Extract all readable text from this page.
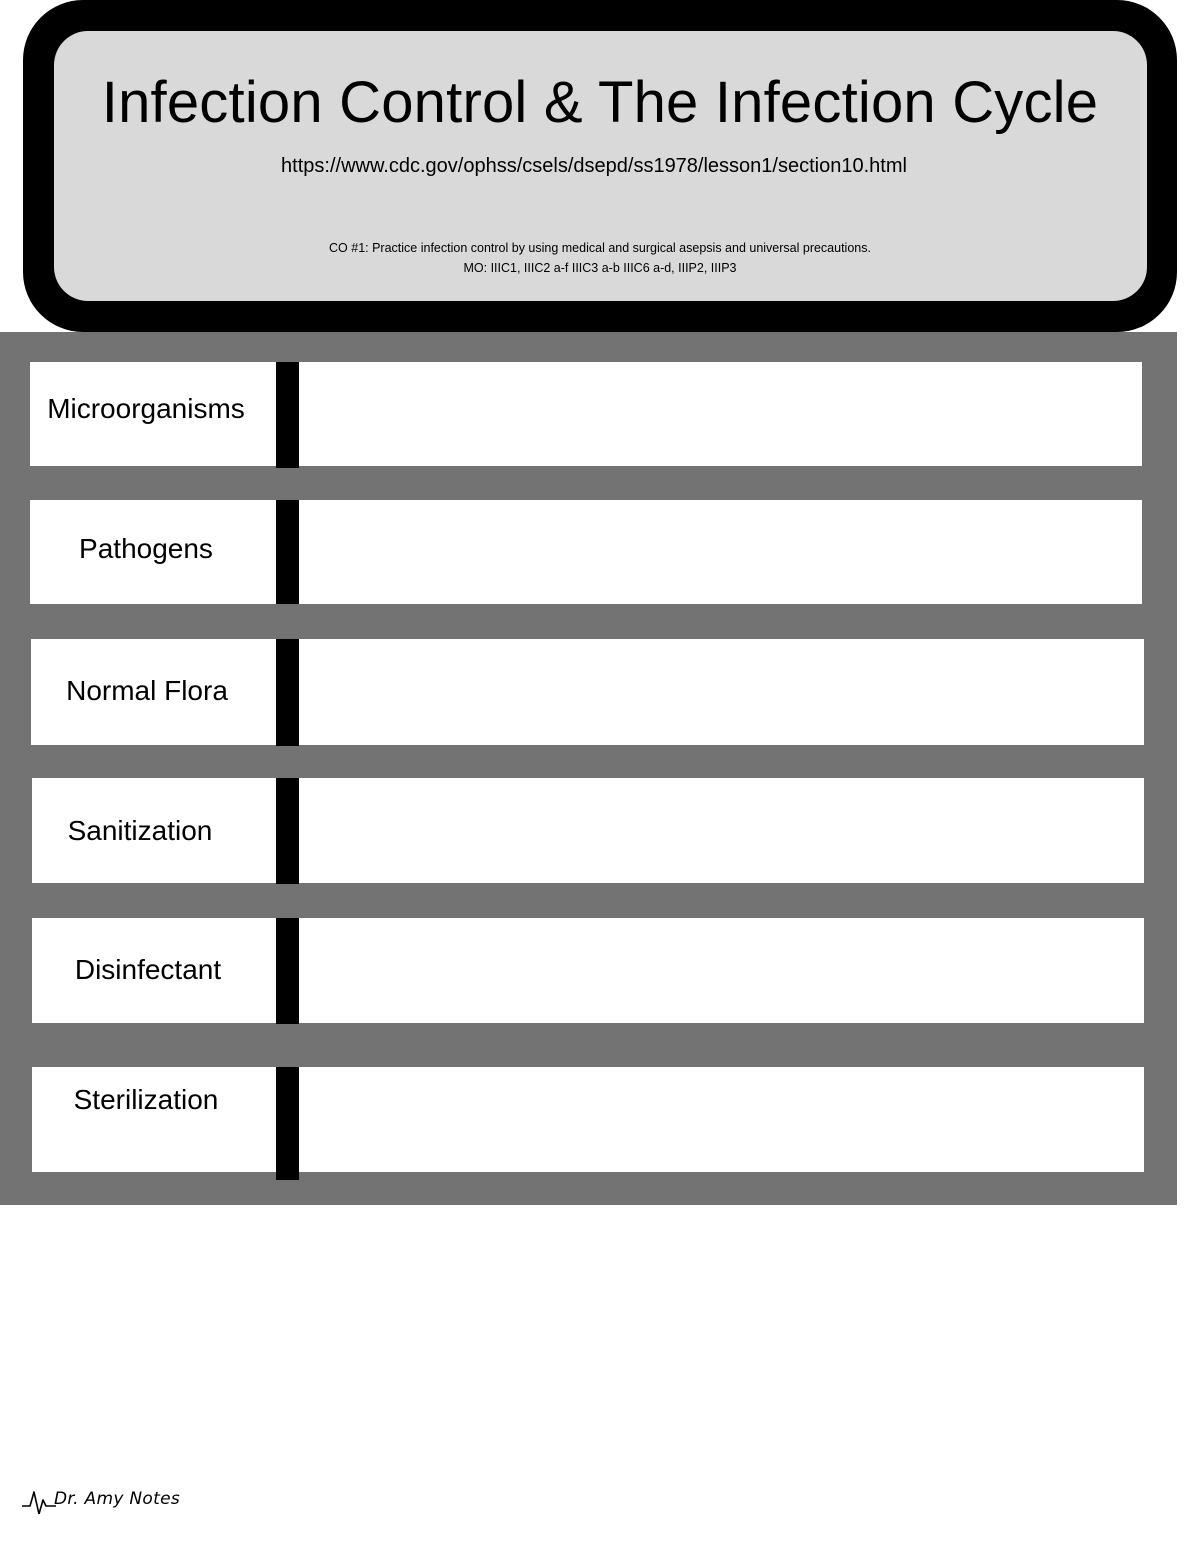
Infection Control & The Infection Cycle
https://www.cdc.gov/ophss/csels/dsepd/ss1978/lesson1/section10.html
CO #1: Practice infection control by using medical and surgical asepsis and universal precautions.
MO: IIIC1, IIIC2 a-f IIIC3 a-b IIIC6 a-d, IIIP2, IIIP3
Microorganisms
Pathogens
Normal Flora
Sanitization
Disinfectant
Sterilization
Dr. Amy Notes
